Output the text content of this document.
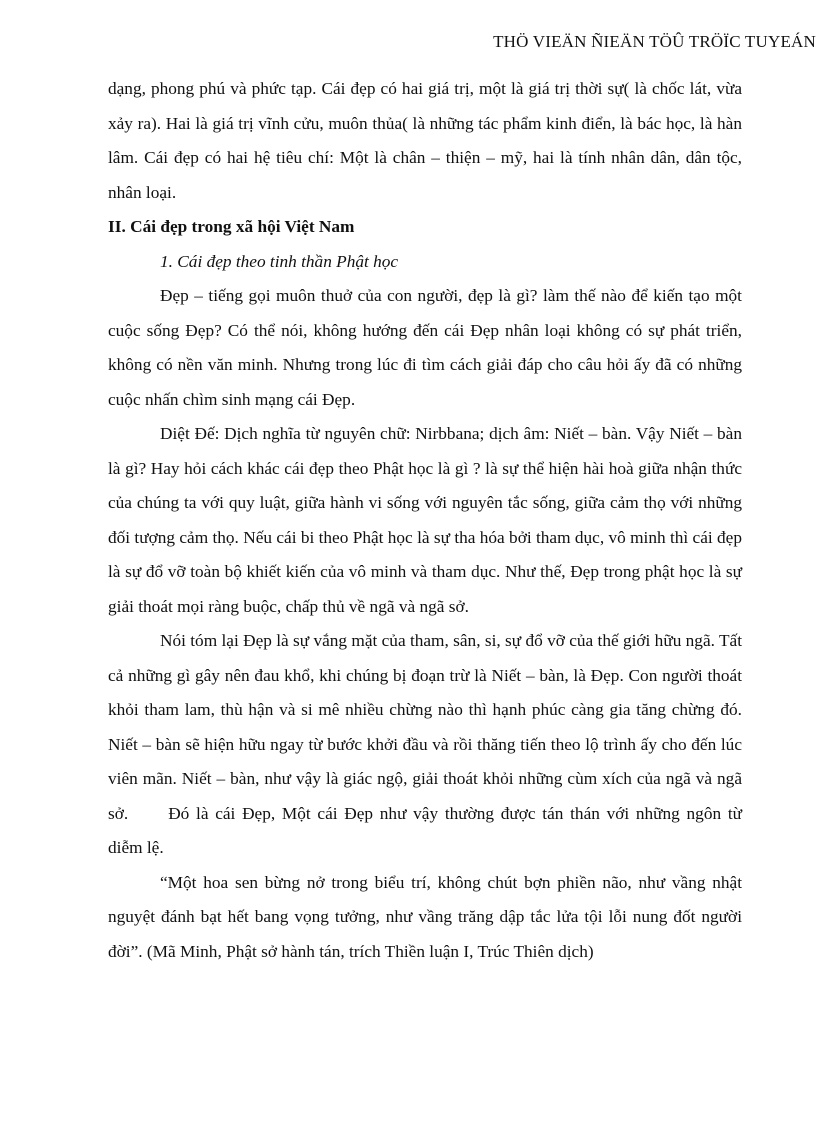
THÖ VIEÄN ÑIEÄN TÖÛ TRÖÏC TUYEÁN

dạng, phong phú và phức tạp. Cái đẹp có hai giá trị, một là giá trị thời sự( là chốc lát, vừa xảy ra). Hai là giá trị vĩnh cửu, muôn thủa( là những tác phẩm kinh điển, là bác học, là hàn lâm. Cái đẹp có hai hệ tiêu chí: Một là chân – thiện – mỹ, hai là tính nhân dân, dân tộc, nhân loại.

II. Cái đẹp trong xã hội Việt Nam

1. Cái đẹp theo tinh thần Phật học

Đẹp – tiếng gọi muôn thuở của con người, đẹp là gì? làm thế nào để kiến tạo một cuộc sống Đẹp? Có thể nói, không hướng đến cái Đẹp nhân loại không có sự phát triển, không có nền văn minh. Nhưng trong lúc đi tìm cách giải đáp cho câu hỏi ấy đã có những cuộc nhấn chìm sinh mạng cái Đẹp.

Diệt Đế: Dịch nghĩa từ nguyên chữ: Nirbbana; dịch âm: Niết – bàn. Vậy Niết – bàn là gì? Hay hỏi cách khác cái đẹp theo Phật học là gì ? là sự thể hiện hài hoà giữa nhận thức của chúng ta với quy luật, giữa hành vi sống với nguyên tắc sống, giữa cảm thọ với những đối tượng cảm thọ. Nếu cái bi theo Phật học là sự tha hóa bởi tham dục, vô minh thì cái đẹp là sự đổ vỡ toàn bộ khiết kiến của vô minh và tham dục. Như thế, Đẹp trong phật học là sự giải thoát mọi ràng buộc, chấp thủ về ngã và ngã sở.

Nói tóm lại Đẹp là sự vắng mặt của tham, sân, si, sự đổ vỡ của thế giới hữu ngã. Tất cả những gì gây nên đau khổ, khi chúng bị đoạn trừ là Niết – bàn, là Đẹp. Con người thoát khỏi tham lam, thù hận và si mê nhiều chừng nào thì hạnh phúc càng gia tăng chừng đó. Niết – bàn sẽ hiện hữu ngay từ bước khởi đầu và rồi thăng tiến theo lộ trình ấy cho đến lúc viên mãn. Niết – bàn, như vậy là giác ngộ, giải thoát khỏi những cùm xích của ngã và ngã sở. Đó là cái Đẹp, Một cái Đẹp như vậy thường được tán thán với những ngôn từ diễm lệ.

“Một hoa sen bừng nở trong biểu trí, không chút bợn phiền não, như vầng nhật nguyệt đánh bạt hết bang vọng tưởng, như vầng trăng dập tắc lửa tội lỗi nung đốt người đời”. (Mã Minh, Phật sở hành tán, trích Thiền luận I, Trúc Thiên dịch)
